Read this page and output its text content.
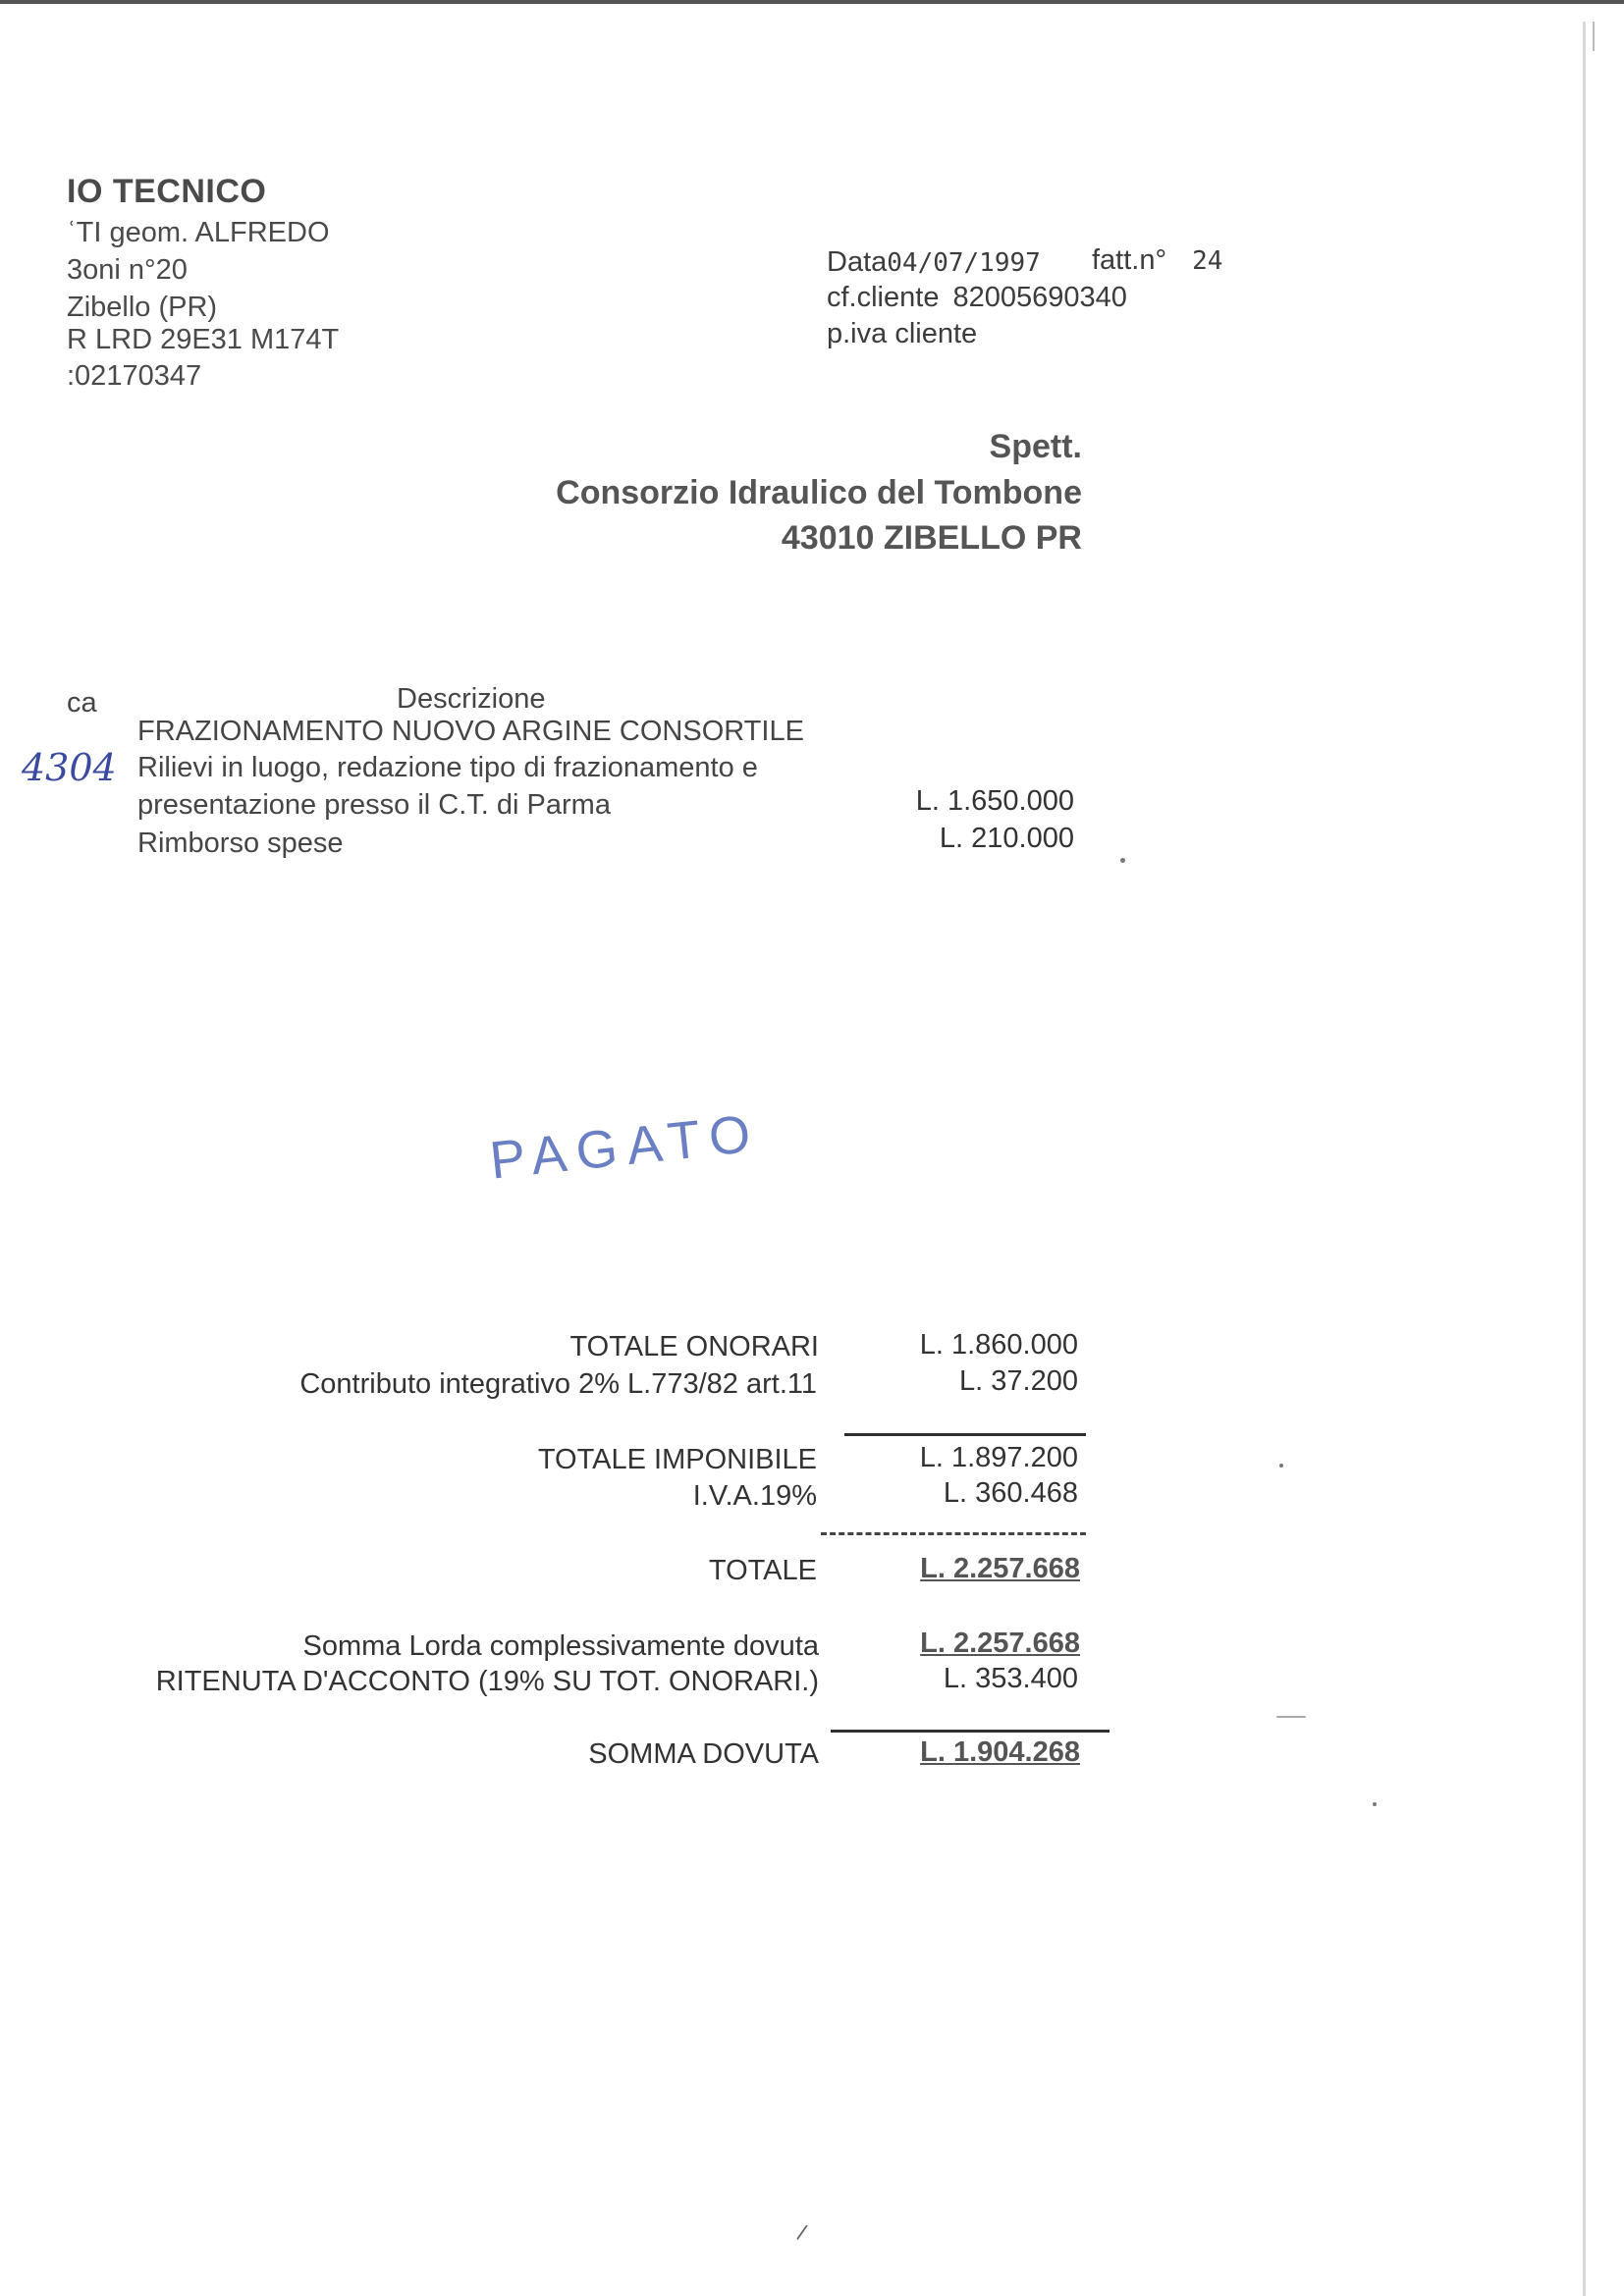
IO TECNICO
ʿTI geom. ALFREDO
3oni n°20
Zibello (PR)
R LRD 29E31 M174T
:02170347
Data04/07/1997 fatt.n° 24
cf.cliente 82005690340
p.iva cliente
Spett.
Consorzio Idraulico del Tombone
43010 ZIBELLO PR
ca	Descrizione
4304
FRAZIONAMENTO NUOVO ARGINE CONSORTILE
Rilievi in luogo, redazione tipo di frazionamento e
presentazione presso il C.T. di Parma	L. 1.650.000
Rimborso spese	L. 210.000
PAGATO
TOTALE ONORARI	L. 1.860.000
Contributo integrativo 2% L.773/82 art.11	L. 37.200
TOTALE IMPONIBILE	L. 1.897.200
I.V.A.19%	L. 360.468
TOTALE	L. 2.257.668
Somma Lorda complessivamente dovuta	L. 2.257.668
RITENUTA D'ACCONTO (19% SU TOT. ONORARI.)	L. 353.400
SOMMA DOVUTA	L. 1.904.268
